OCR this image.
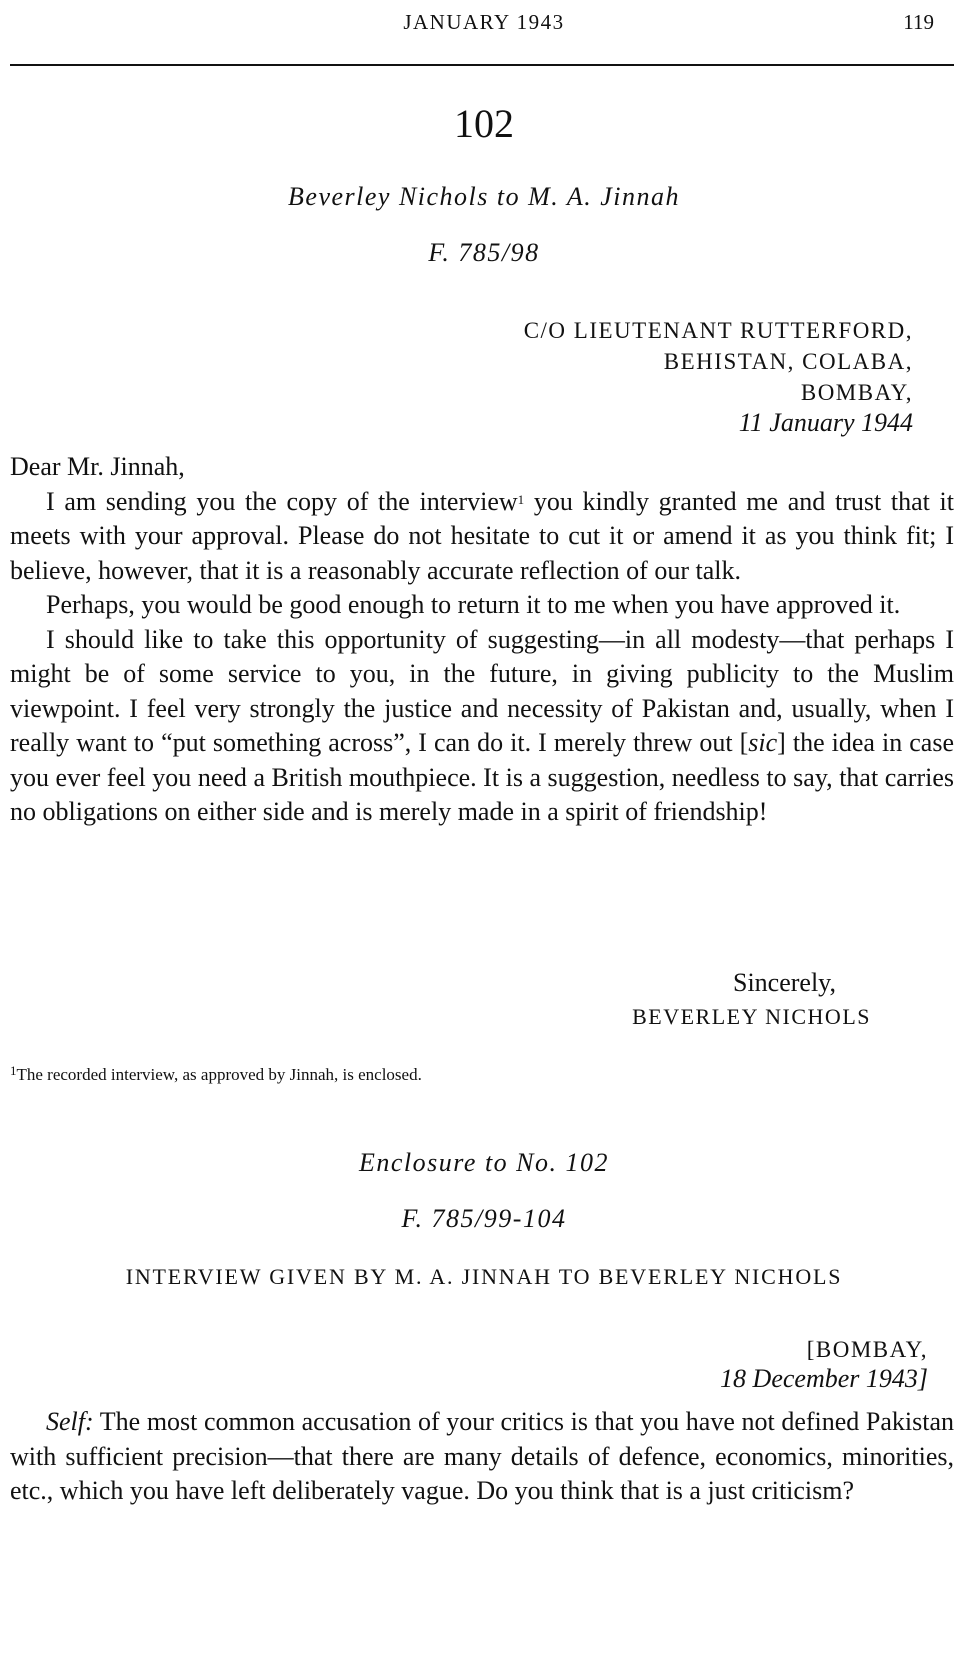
JANUARY 1943	119
102
Beverley Nichols to M. A. Jinnah
F. 785/98
C/O LIEUTENANT RUTTERFORD,
BEHISTAN, COLABA,
BOMBAY,
11 January 1944

Dear Mr. Jinnah,

I am sending you the copy of the interview$^1$ you kindly granted me and trust that it meets with your approval. Please do not hesitate to cut it or amend it as you think fit; I believe, however, that it is a reasonably accurate reflection of our talk.

Perhaps, you would be good enough to return it to me when you have approved it.

I should like to take this opportunity of suggesting—in all modesty—that perhaps I might be of some service to you, in the future, in giving publicity to the Muslim viewpoint. I feel very strongly the justice and necessity of Pakistan and, usually, when I really want to “put something across”, I can do it. I merely threw out [sic] the idea in case you ever feel you need a British mouthpiece. It is a suggestion, needless to say, that carries no obligations on either side and is merely made in a spirit of friendship!

Sincerely,
BEVERLEY NICHOLS
$^1$The recorded interview, as approved by Jinnah, is enclosed.
Enclosure to No. 102
F. 785/99-104
INTERVIEW GIVEN BY M. A. JINNAH TO BEVERLEY NICHOLS
[BOMBAY,
18 December 1943]

Self: The most common accusation of your critics is that you have not defined Pakistan with sufficient precision—that there are many details of defence, economics, minorities, etc., which you have left deliberately vague. Do you think that is a just criticism?
